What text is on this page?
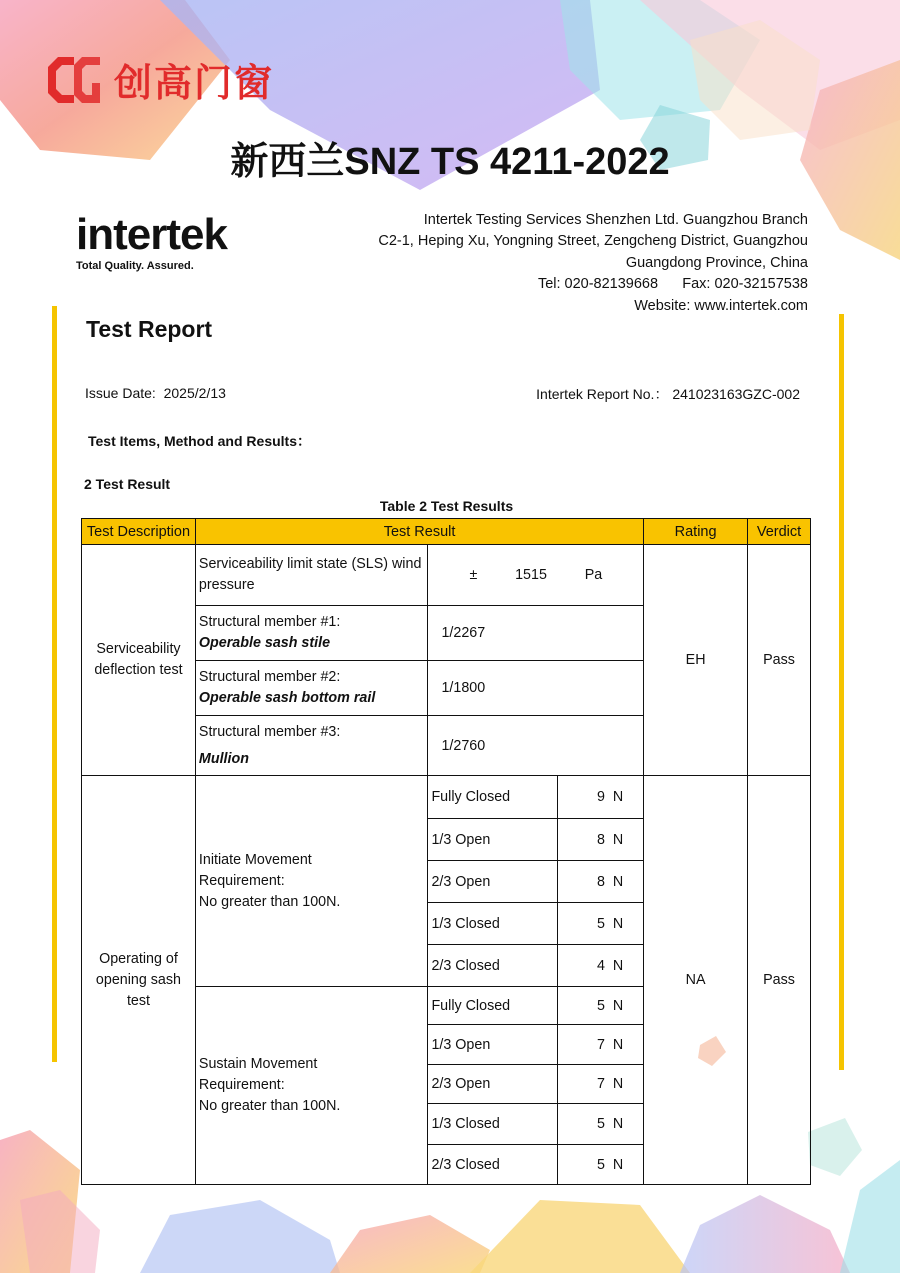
创高门窗
新西兰SNZ TS 4211-2022
intertek
Total Quality. Assured.
Intertek Testing Services Shenzhen Ltd. Guangzhou Branch
C2-1, Heping Xu, Yongning Street, Zengcheng District, Guangzhou
Guangdong Province, China
Tel: 020-82139668      Fax: 020-32157538
Website: www.intertek.com
Test Report
Issue Date: 2025/2/13	Intertek Report No.： 241023163GZC-002
Test Items, Method and Results：
2 Test Result
Table 2 Test Results
Test Description	Test Result			Rating	Verdict
Serviceability deflection test	Serviceability limit state (SLS) wind pressure	± 1515 Pa		EH	Pass

	Structural member #1:
Operable sash stile	1/2267			

	Structural member #2:
Operable sash bottom rail	1/1800			

	Structural member #3:
Mullion	1/2760			
Operating of opening sash test	Initiate Movement
Requirement:
No greater than 100N.	Fully Closed	9 N	NA	Pass
		1/3 Open	8 N		
		2/3 Open	8 N		
		1/3 Closed	5 N		
		2/3 Closed	4 N		

	Sustain Movement
Requirement:
No greater than 100N.	Fully Closed	5 N		
		1/3 Open	7 N		
		2/3 Open	7 N		
		1/3 Closed	5 N		
		2/3 Closed	5 N		
